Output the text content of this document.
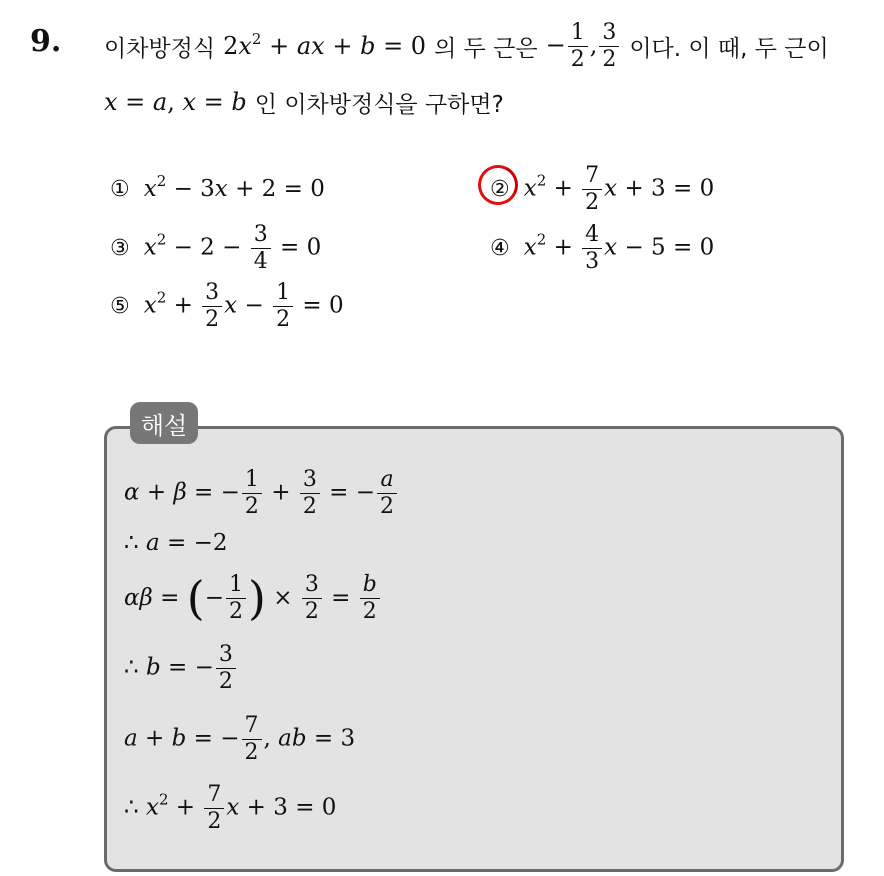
9. 이차방정식 $2x^2$ + ax + b = 0 의 두 근은 − $\frac{1}{2}$ , $\frac{3}{2}$ 이다. 이 때, 두 근이
x = a, x = b 인 이차방정식을 구하면?
① $x^2 - 3x + 2 = 0$	② $x^2 + \frac{7}{2}$ x + 3 = 0
③ $x^2 - 2 - \frac{3}{4} = 0$	④ $x^2 + \frac{4}{3}$ x − 5 = 0
⑤ $x^2 + \frac{3}{2}$ $x - \frac{1}{2} = 0$
해설
α + β = − $\frac{1}{2} + \frac{3}{2}$ = − $\frac{a}{2}$
∴ a = −2
αβ = ( − $\frac{1}{2}$ ) × $\frac{3}{2} = \frac{b}{2}$
∴ b = − $\frac{3}{2}$
a + b = − $\frac{7}{2}$ , ab = 3
∴ $x^2 + \frac{7}{2}$ x + 3 = 0
